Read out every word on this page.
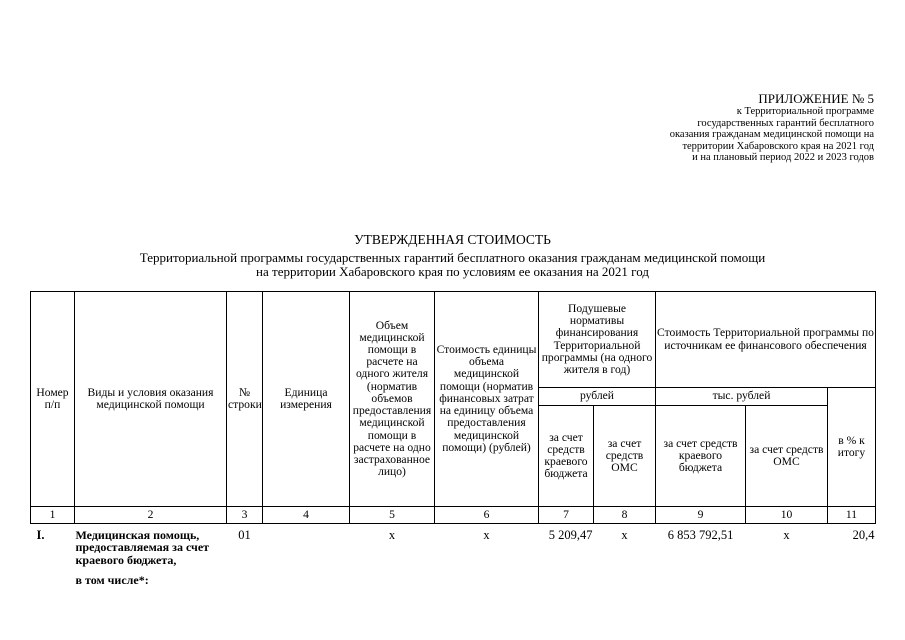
ПРИЛОЖЕНИЕ № 5
к Территориальной программе
государственных гарантий бесплатного
оказания гражданам медицинской помощи на
территории Хабаровского края на 2021 год
и на плановый период 2022 и 2023 годов
УТВЕРЖДЕННАЯ СТОИМОСТЬ
Территориальной программы государственных гарантий бесплатного оказания гражданам медицинской помощи
на территории Хабаровского края по условиям ее оказания на 2021 год
Номер п/п	Виды и условия оказания медицинской помощи	№ строки	Единица измерения	Объем медицинской помощи в расчете на одного жителя (норматив объемов предоставления медицинской помощи в расчете на одно застрахованное лицо)	Стоимость единицы объема медицинской помощи (норматив финансовых затрат на единицу объема предоставления медицинской помощи) (рублей)	Подушевые нормативы финансирования Территориальной программы (на одного жителя в год)		Стоимость Территориальной программы по источникам ее финансового обеспечения		
						рублей		тыс. рублей		в % к итогу
						за счет средств краевого бюджета	за счет средств ОМС	за счет средств краевого бюджета	за счет средств ОМС	
1	2	3	4	5	6	7	8	9	10	11
I.	Медицинская помощь, предоставляемая за счет краевого бюджета,	01		х	х	5 209,47	х	6 853 792,51	х	20,4
	в том числе*:									
